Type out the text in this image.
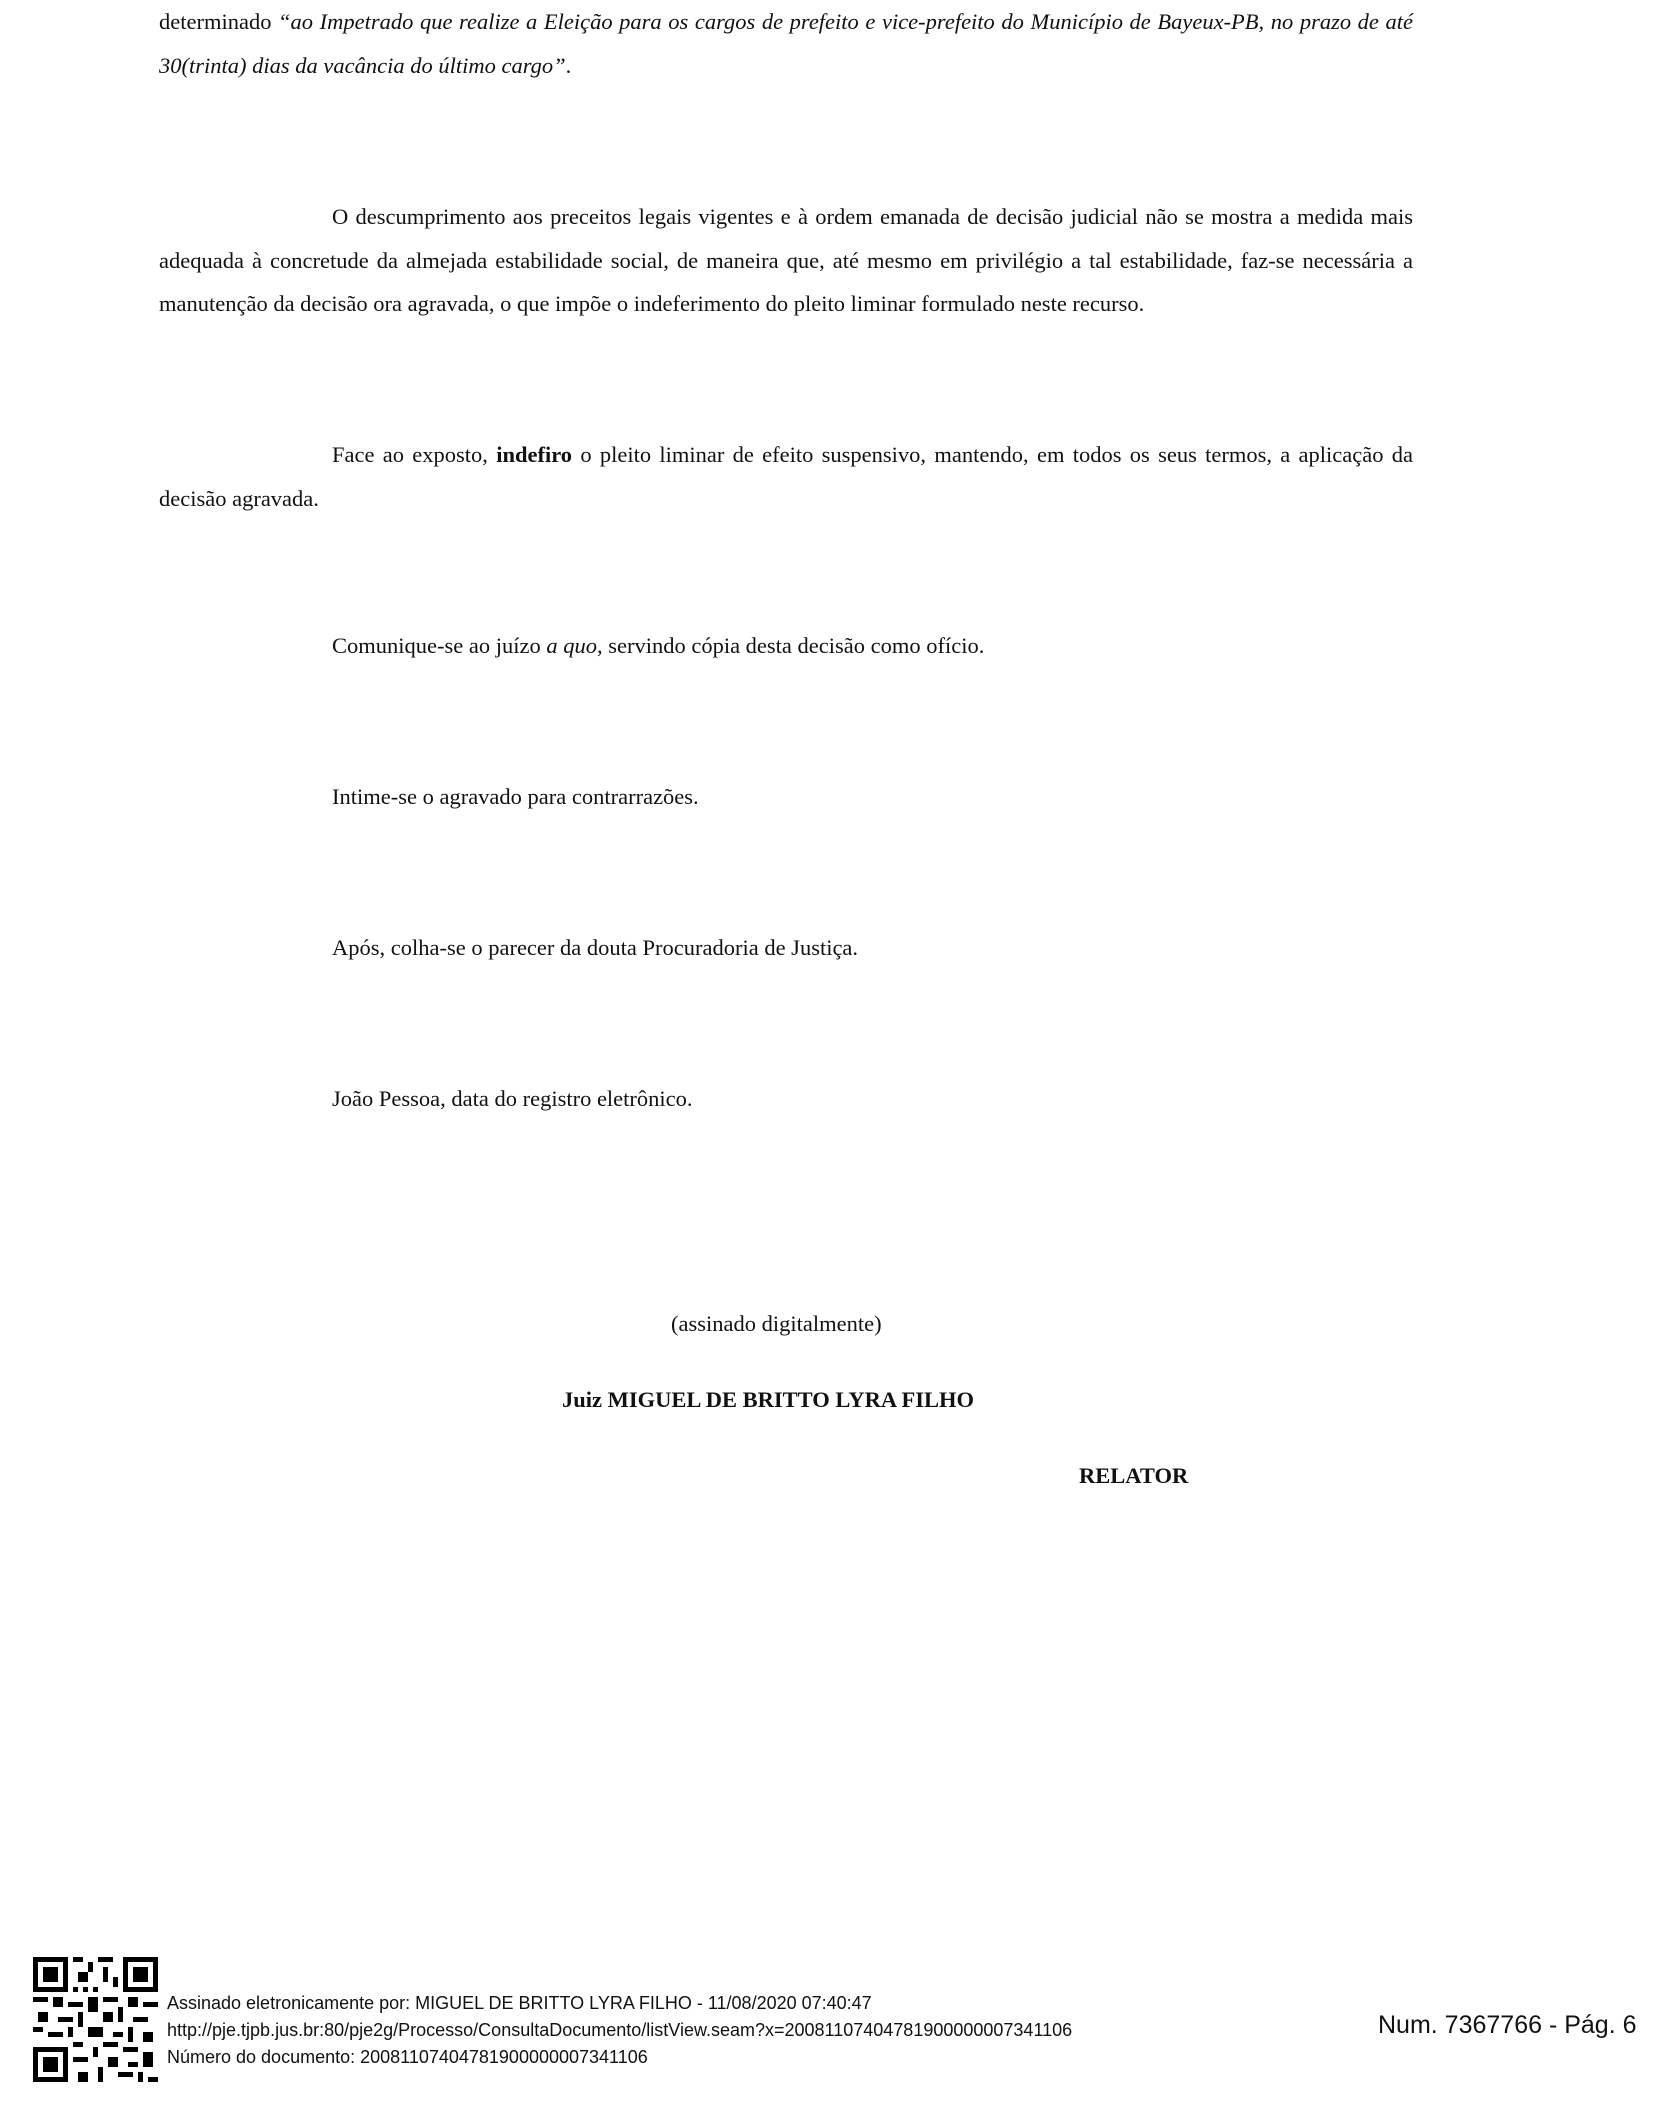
determinado “ao Impetrado que realize a Eleição para os cargos de prefeito e vice-prefeito do Município de Bayeux-PB, no prazo de até 30(trinta) dias da vacância do último cargo”.

O descumprimento aos preceitos legais vigentes e à ordem emanada de decisão judicial não se mostra a medida mais adequada à concretude da almejada estabilidade social, de maneira que, até mesmo em privilégio a tal estabilidade, faz-se necessária a manutenção da decisão ora agravada, o que impõe o indeferimento do pleito liminar formulado neste recurso.

Face ao exposto, indefiro o pleito liminar de efeito suspensivo, mantendo, em todos os seus termos, a aplicação da decisão agravada.

Comunique-se ao juízo a quo, servindo cópia desta decisão como ofício.

Intime-se o agravado para contrarrazões.

Após, colha-se o parecer da douta Procuradoria de Justiça.

João Pessoa, data do registro eletrônico.

(assinado digitalmente)

Juiz MIGUEL DE BRITTO LYRA FILHO

RELATOR

Assinado eletronicamente por: MIGUEL DE BRITTO LYRA FILHO - 11/08/2020 07:40:47
http://pje.tjpb.jus.br:80/pje2g/Processo/ConsultaDocumento/listView.seam?x=20081107404781900000007341106
Número do documento: 20081107404781900000007341106
Num. 7367766 - Pág. 6
